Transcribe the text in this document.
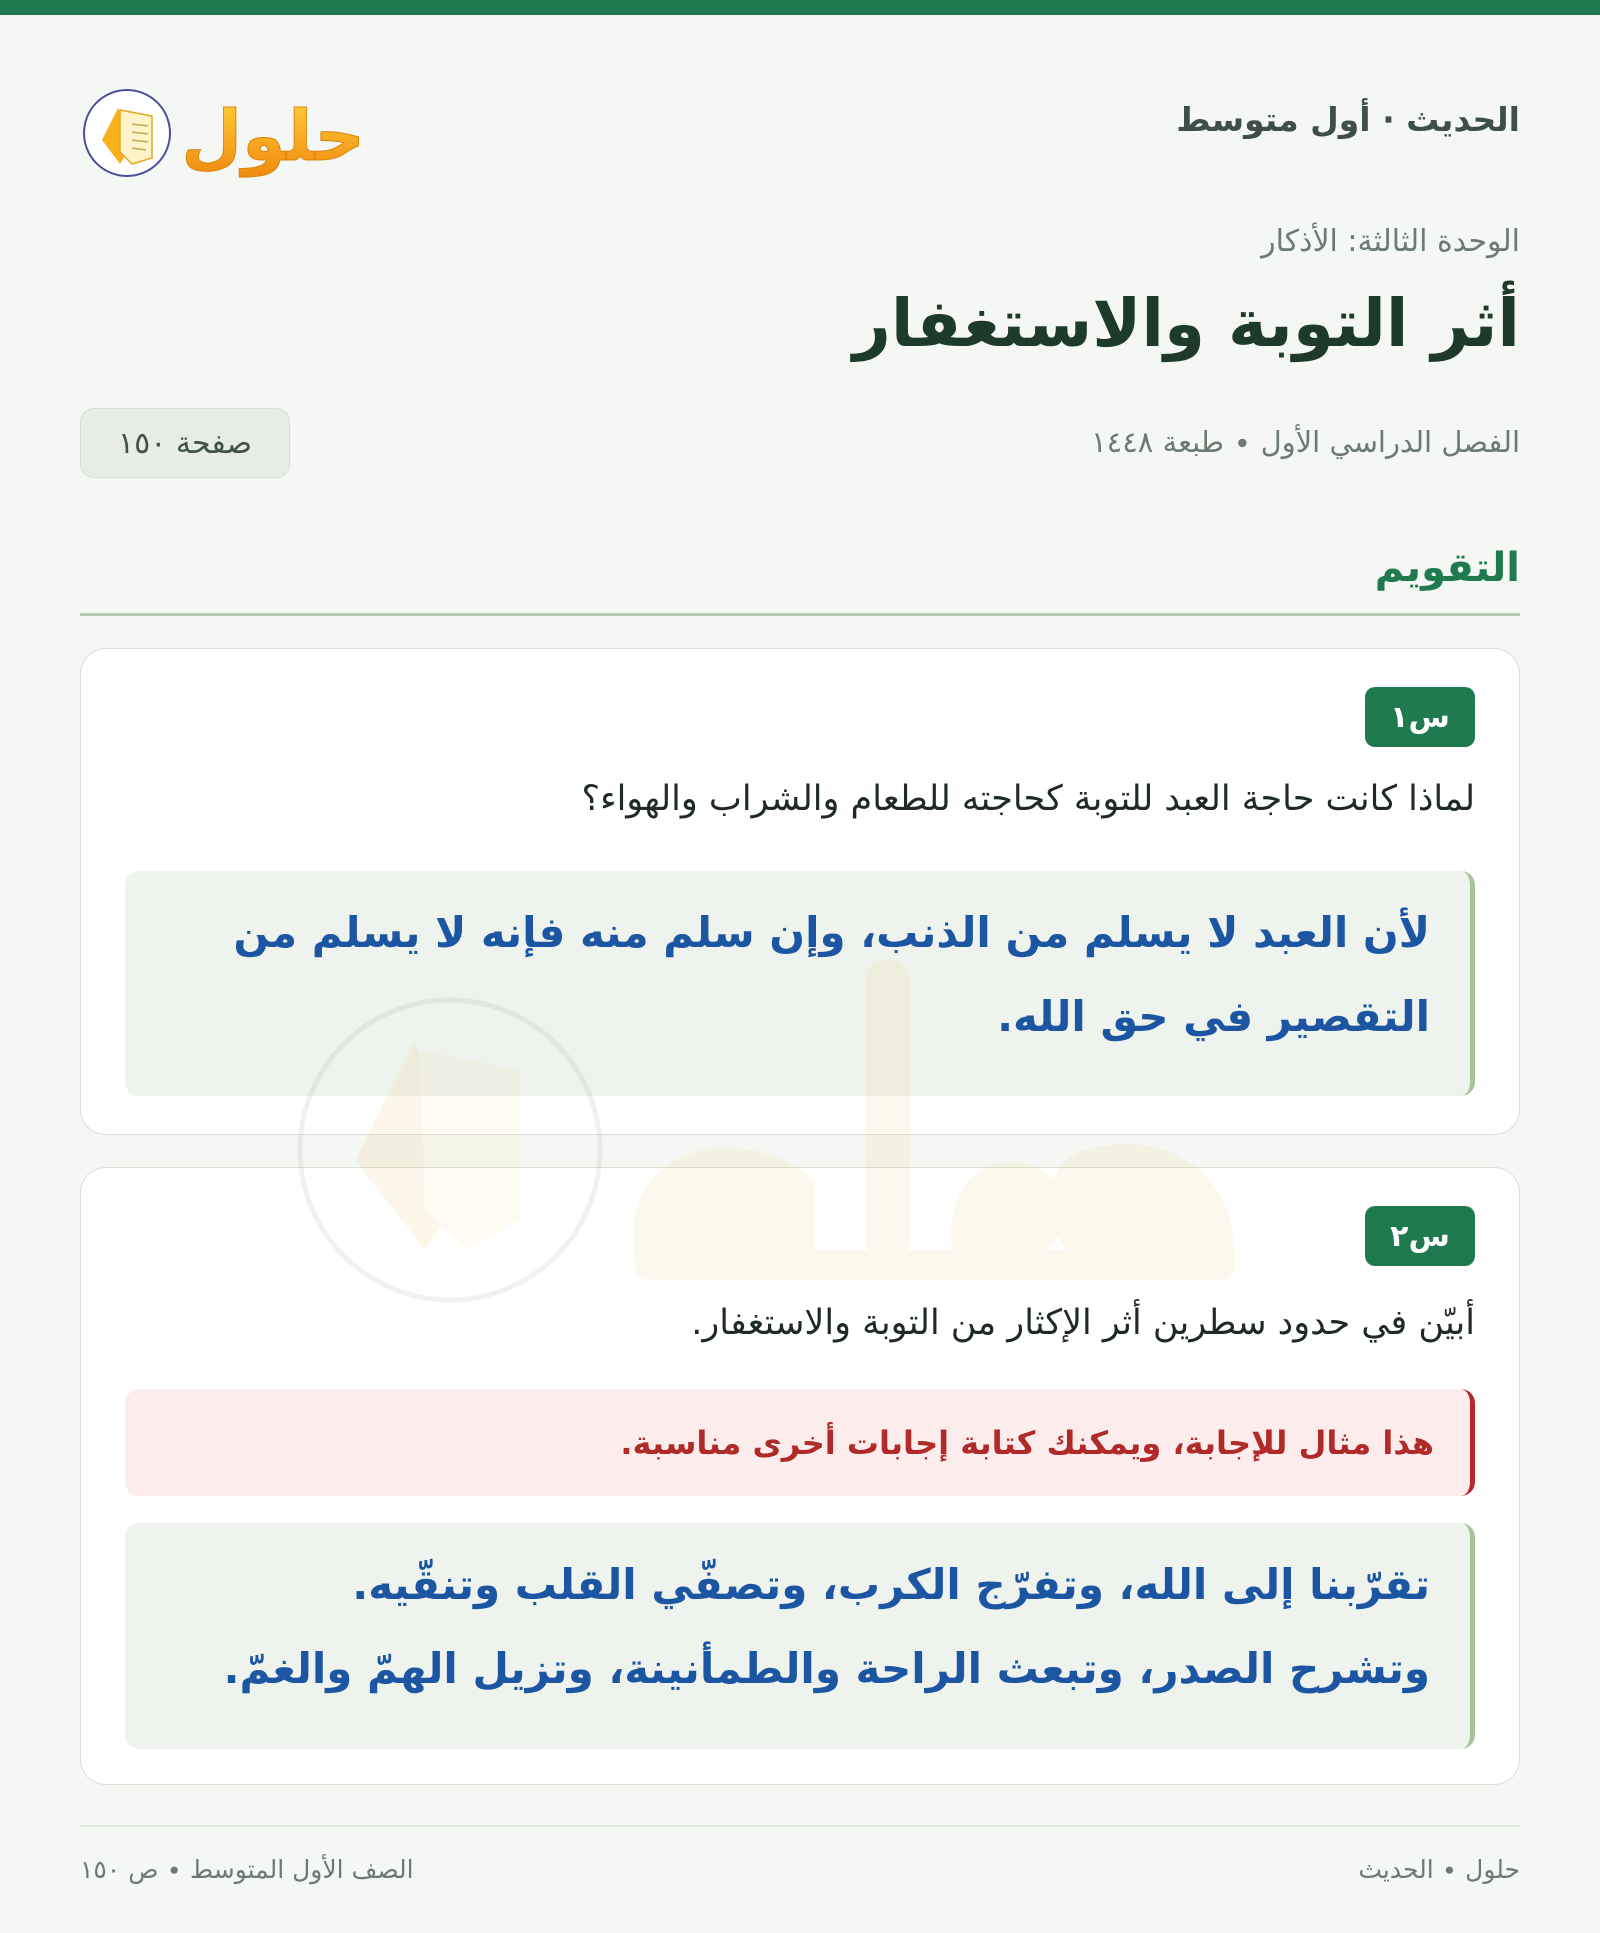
الحديث ∙ أول متوسط
حلول
الوحدة الثالثة: الأذكار
أثر التوبة والاستغفار
الفصل الدراسي الأول ∙ طبعة ١٤٤٨
صفحة ١٥٠
التقويم
س١
لماذا كانت حاجة العبد للتوبة كحاجته للطعام والشراب والهواء؟
لأن العبد لا يسلم من الذنب، وإن سلم منه فإنه لا يسلم من
التقصير في حق الله.
س٢
أبيّن في حدود سطرين أثر الإكثار من التوبة والاستغفار.
هذا مثال للإجابة، ويمكنك كتابة إجابات أخرى مناسبة.
تقرّبنا إلى الله، وتفرّج الكرب، وتصفّي القلب وتنقّيه.
وتشرح الصدر، وتبعث الراحة والطمأنينة، وتزيل الهمّ والغمّ.
حلول ∙ الحديث
الصف الأول المتوسط ∙ ص ١٥٠
